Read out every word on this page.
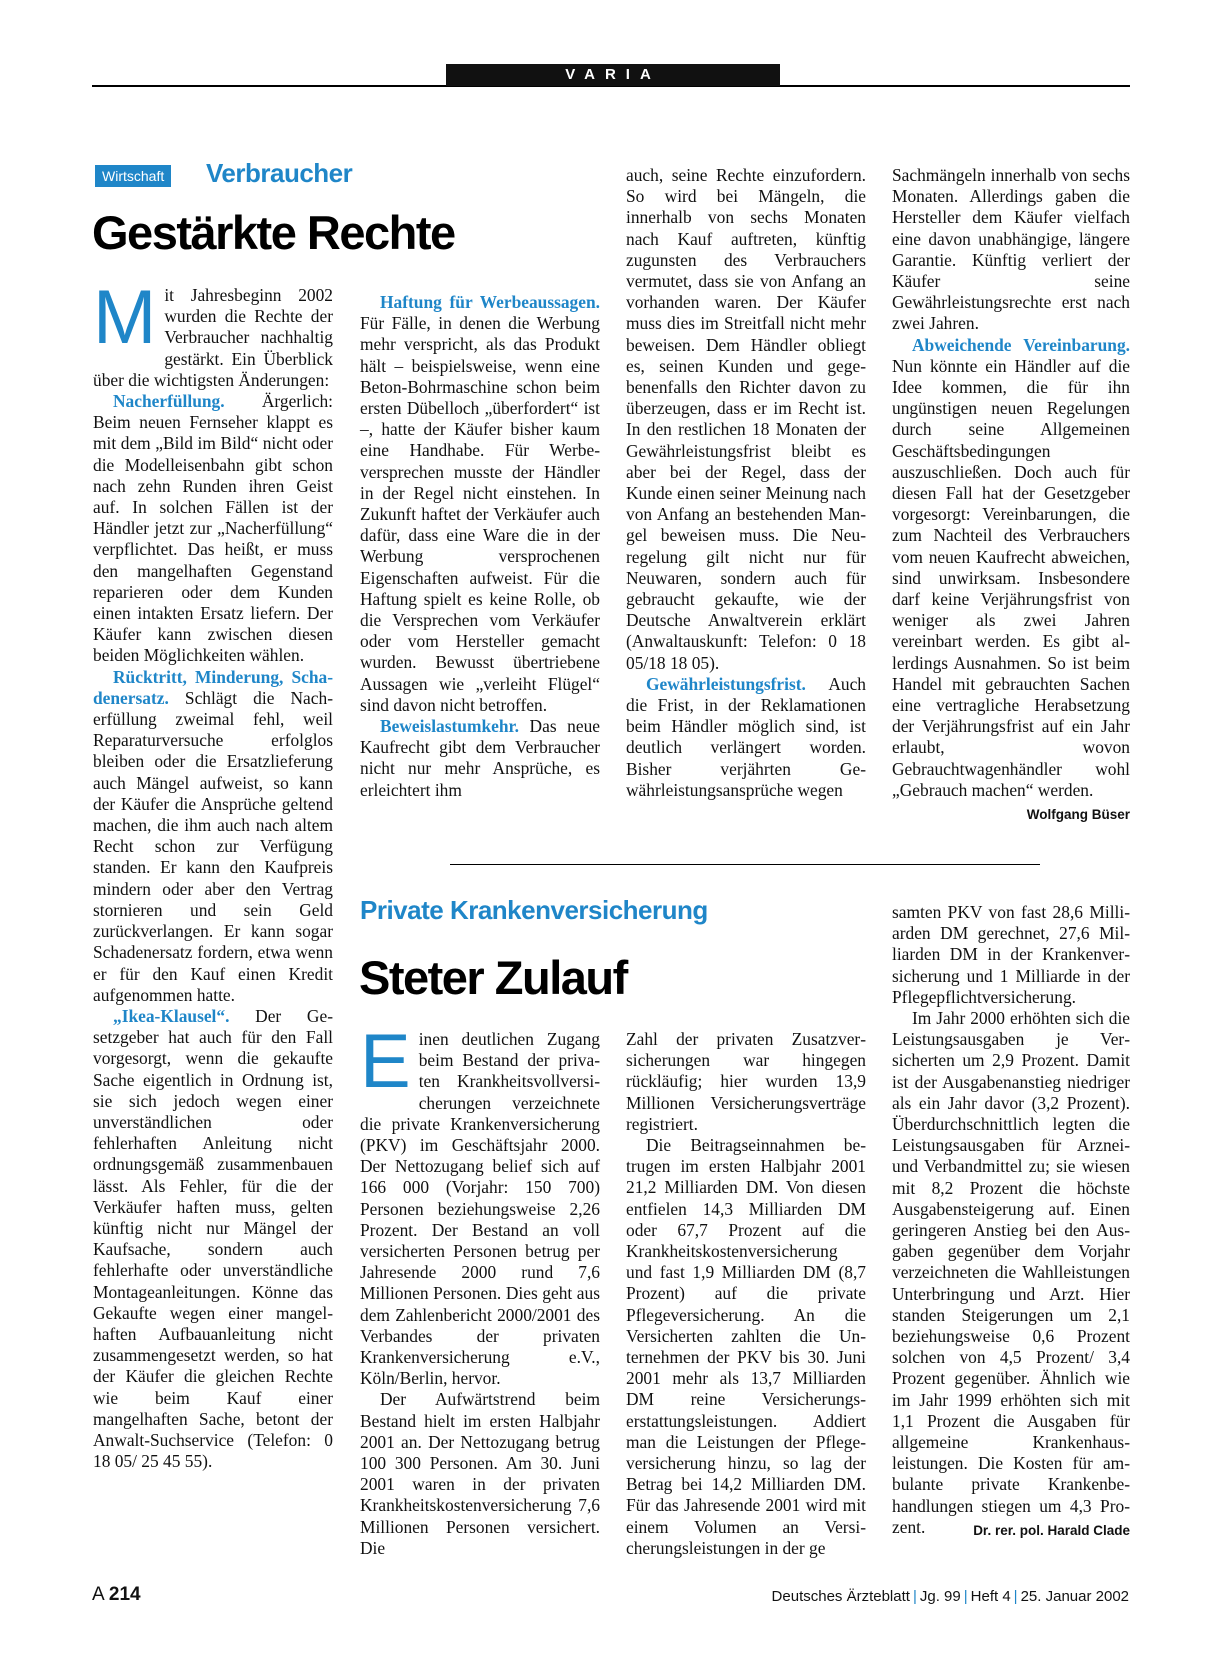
VARIA
Wirtschaft Verbraucher
Gestärkte Rechte
M it Jahresbeginn 2002 wurden die Rechte der Verbraucher nachhaltig gestärkt. Ein Überblick über die wichtigsten Änderungen:

Nacherfüllung. Ärgerlich: Beim neuen Fernseher klappt es mit dem „Bild im Bild“ nicht oder die Modelleisenbahn gibt schon nach zehn Runden ihren Geist auf. In solchen Fällen ist der Händler jetzt zur „Nacherfüllung“ verpflichtet. Das heißt, er muss den mangelhaften Gegenstand reparieren oder dem Kunden einen intakten Ersatz liefern. Der Käufer kann zwischen diesen beiden Möglichkeiten wählen.

Rücktritt, Minderung, Schadenersatz. Schlägt die Nacherfüllung zweimal fehl, weil Reparaturversuche erfolglos bleiben oder die Ersatzlieferung auch Mängel aufweist, so kann der Käufer die Ansprüche geltend machen, die ihm auch nach altem Recht schon zur Verfügung standen. Er kann den Kaufpreis mindern oder aber den Vertrag stornieren und sein Geld zurückverlangen. Er kann sogar Schadenersatz fordern, etwa wenn er für den Kauf einen Kredit aufgenommen hatte.

„Ikea-Klausel“. Der Gesetzgeber hat auch für den Fall vorgesorgt, wenn die gekaufte Sache eigentlich in Ordnung ist, sie sich jedoch wegen einer unverständlichen oder fehlerhaften Anleitung nicht ordnungsgemäß zusammenbauen lässt. Als Fehler, für die der Verkäufer haften muss, gelten künftig nicht nur Mängel der Kaufsache, sondern auch fehlerhafte oder unverständliche Montageanleitungen. Könne das Gekaufte wegen einer mangelhaften Aufbauanleitung nicht zusammengesetzt werden, so hat der Käufer die gleichen Rechte wie beim Kauf einer mangelhaften Sache, betont der Anwalt-Suchservice (Telefon: 0 18 05/ 25 45 55).

Haftung für Werbeaussagen. Für Fälle, in denen die Werbung mehr verspricht, als das Produkt hält – beispielsweise, wenn eine Beton-Bohrmaschine schon beim ersten Dübelloch „überfordert“ ist –, hatte der Käufer bisher kaum eine Handhabe. Für Werbeversprechen musste der Händler in der Regel nicht einstehen. In Zukunft haftet der Verkäufer auch dafür, dass eine Ware die in der Werbung versprochenen Eigenschaften aufweist. Für die Haftung spielt es keine Rolle, ob die Versprechen vom Verkäufer oder vom Hersteller gemacht wurden. Bewusst übertriebene Aussagen wie „verleiht Flügel“ sind davon nicht betroffen.

Beweislastumkehr. Das neue Kaufrecht gibt dem Verbraucher nicht nur mehr Ansprüche, es erleichtert ihm

auch, seine Rechte einzufordern. So wird bei Mängeln, die innerhalb von sechs Monaten nach Kauf auftreten, künftig zugunsten des Verbrauchers vermutet, dass sie von Anfang an vorhanden waren. Der Käufer muss dies im Streitfall nicht mehr beweisen. Dem Händler obliegt es, seinen Kunden und gegebenenfalls den Richter davon zu überzeugen, dass er im Recht ist. In den restlichen 18 Monaten der Gewährleistungsfrist bleibt es aber bei der Regel, dass der Kunde einen seiner Meinung nach von Anfang an bestehenden Mangel beweisen muss. Die Neuregelung gilt nicht nur für Neuwaren, sondern auch für gebraucht gekaufte, wie der Deutsche Anwaltverein erklärt (Anwaltauskunft: Telefon: 0 18 05/18 18 05).

Gewährleistungsfrist. Auch die Frist, in der Reklamationen beim Händler möglich sind, ist deutlich verlängert worden. Bisher verjährten Gewährleistungsansprüche wegen

Sachmängeln innerhalb von sechs Monaten. Allerdings gaben die Hersteller dem Käufer vielfach eine davon unabhängige, längere Garantie. Künftig verliert der Käufer seine Gewährleistungsrechte erst nach zwei Jahren.

Abweichende Vereinbarung. Nun könnte ein Händler auf die Idee kommen, die für ihn ungünstigen neuen Regelungen durch seine Allgemeinen Geschäftsbedingungen auszuschließen. Doch auch für diesen Fall hat der Gesetzgeber vorgesorgt: Vereinbarungen, die zum Nachteil des Verbrauchers vom neuen Kaufrecht abweichen, sind unwirksam. Insbesondere darf keine Verjährungsfrist von weniger als zwei Jahren vereinbart werden. Es gibt allerdings Ausnahmen. So ist beim Handel mit gebrauchten Sachen eine vertragliche Herabsetzung der Verjährungsfrist auf ein Jahr erlaubt, wovon Gebrauchtwagenhändler wohl „Gebrauch machen“ werden.
Wolfgang Büser

Private Krankenversicherung
Steter Zulauf
E inen deutlichen Zugang beim Bestand der privaten Krankheitsvollversicherungen verzeichnete die private Krankenversicherung (PKV) im Geschäftsjahr 2000. Der Nettozugang belief sich auf 166 000 (Vorjahr: 150 700) Personen beziehungsweise 2,26 Prozent. Der Bestand an voll versicherten Personen betrug per Jahresende 2000 rund 7,6 Millionen Personen. Dies geht aus dem Zahlenbericht 2000/2001 des Verbandes der privaten Krankenversicherung e.V., Köln/Berlin, hervor.

Der Aufwärtstrend beim Bestand hielt im ersten Halbjahr 2001 an. Der Nettozugang betrug 100 300 Personen. Am 30. Juni 2001 waren in der privaten Krankheitskostenversicherung 7,6 Millionen Personen versichert. Die

Zahl der privaten Zusatzversicherungen war hingegen rückläufig; hier wurden 13,9 Millionen Versicherungsverträge registriert.

Die Beitragseinnahmen betrugen im ersten Halbjahr 2001 21,2 Milliarden DM. Von diesen entfielen 14,3 Milliarden DM oder 67,7 Prozent auf die Krankheitskostenversicherung und fast 1,9 Milliarden DM (8,7 Prozent) auf die private Pflegeversicherung. An die Versicherten zahlten die Unternehmen der PKV bis 30. Juni 2001 mehr als 13,7 Milliarden DM reine Versicherungserstattungsleistungen. Addiert man die Leistungen der Pflegeversicherung hinzu, so lag der Betrag bei 14,2 Milliarden DM. Für das Jahresende 2001 wird mit einem Volumen an Versicherungsleistungen in der ge

samten PKV von fast 28,6 Milliarden DM gerechnet, 27,6 Milliarden DM in der Krankenversicherung und 1 Milliarde in der Pflegepflichtversicherung.

Im Jahr 2000 erhöhten sich die Leistungsausgaben je Versicherten um 2,9 Prozent. Damit ist der Ausgabenanstieg niedriger als ein Jahr davor (3,2 Prozent). Überdurchschnittlich legten die Leistungsausgaben für Arznei- und Verbandmittel zu; sie wiesen mit 8,2 Prozent die höchste Ausgabensteigerung auf. Einen geringeren Anstieg bei den Ausgaben gegenüber dem Vorjahr verzeichneten die Wahlleistungen Unterbringung und Arzt. Hier standen Steigerungen um 2,1 beziehungsweise 0,6 Prozent solchen von 4,5 Prozent/ 3,4 Prozent gegenüber. Ähnlich wie im Jahr 1999 erhöhten sich mit 1,1 Prozent die Ausgaben für allgemeine Krankenhausleistungen. Die Kosten für ambulante private Krankenbehandlungen stiegen um 4,3 Prozent.	Dr. rer. pol. Harald Clade

A 214	Deutsches Ärzteblatt | Jg. 99 | Heft 4 | 25. Januar 2002
